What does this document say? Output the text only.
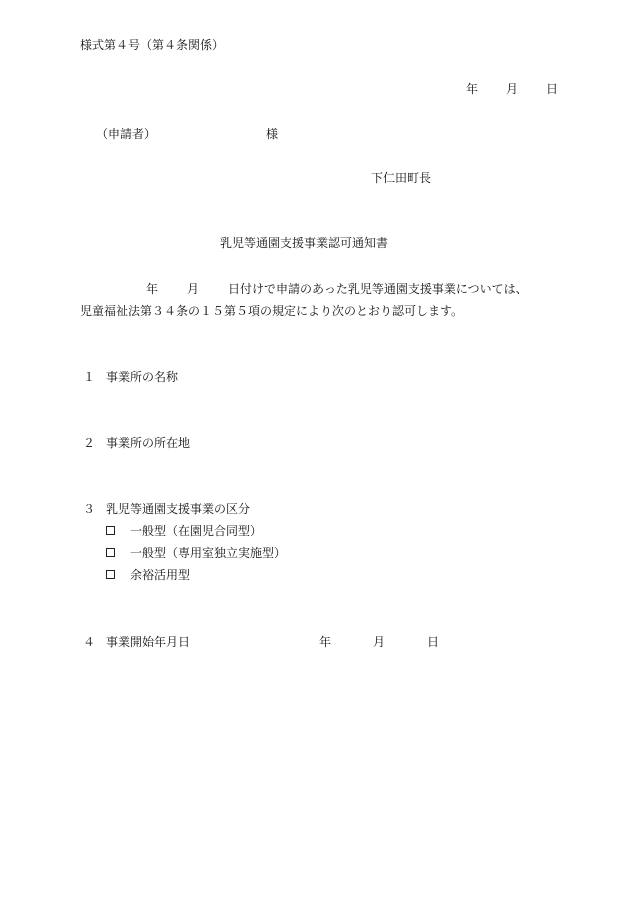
様式第４号（第４条関係）
年 月 日
（申請者）	様
下仁田町長
乳児等通園支援事業認可通知書
年 月 日付けで申請のあった乳児等通園支援事業については、
児童福祉法第３４条の１５第５項の規定により次のとおり認可します。
１ 事業所の名称
２ 事業所の所在地
３ 乳児等通園支援事業の区分
一般型（在園児合同型）
一般型（専用室独立実施型）
余裕活用型
４ 事業開始年月日	年	月	日
